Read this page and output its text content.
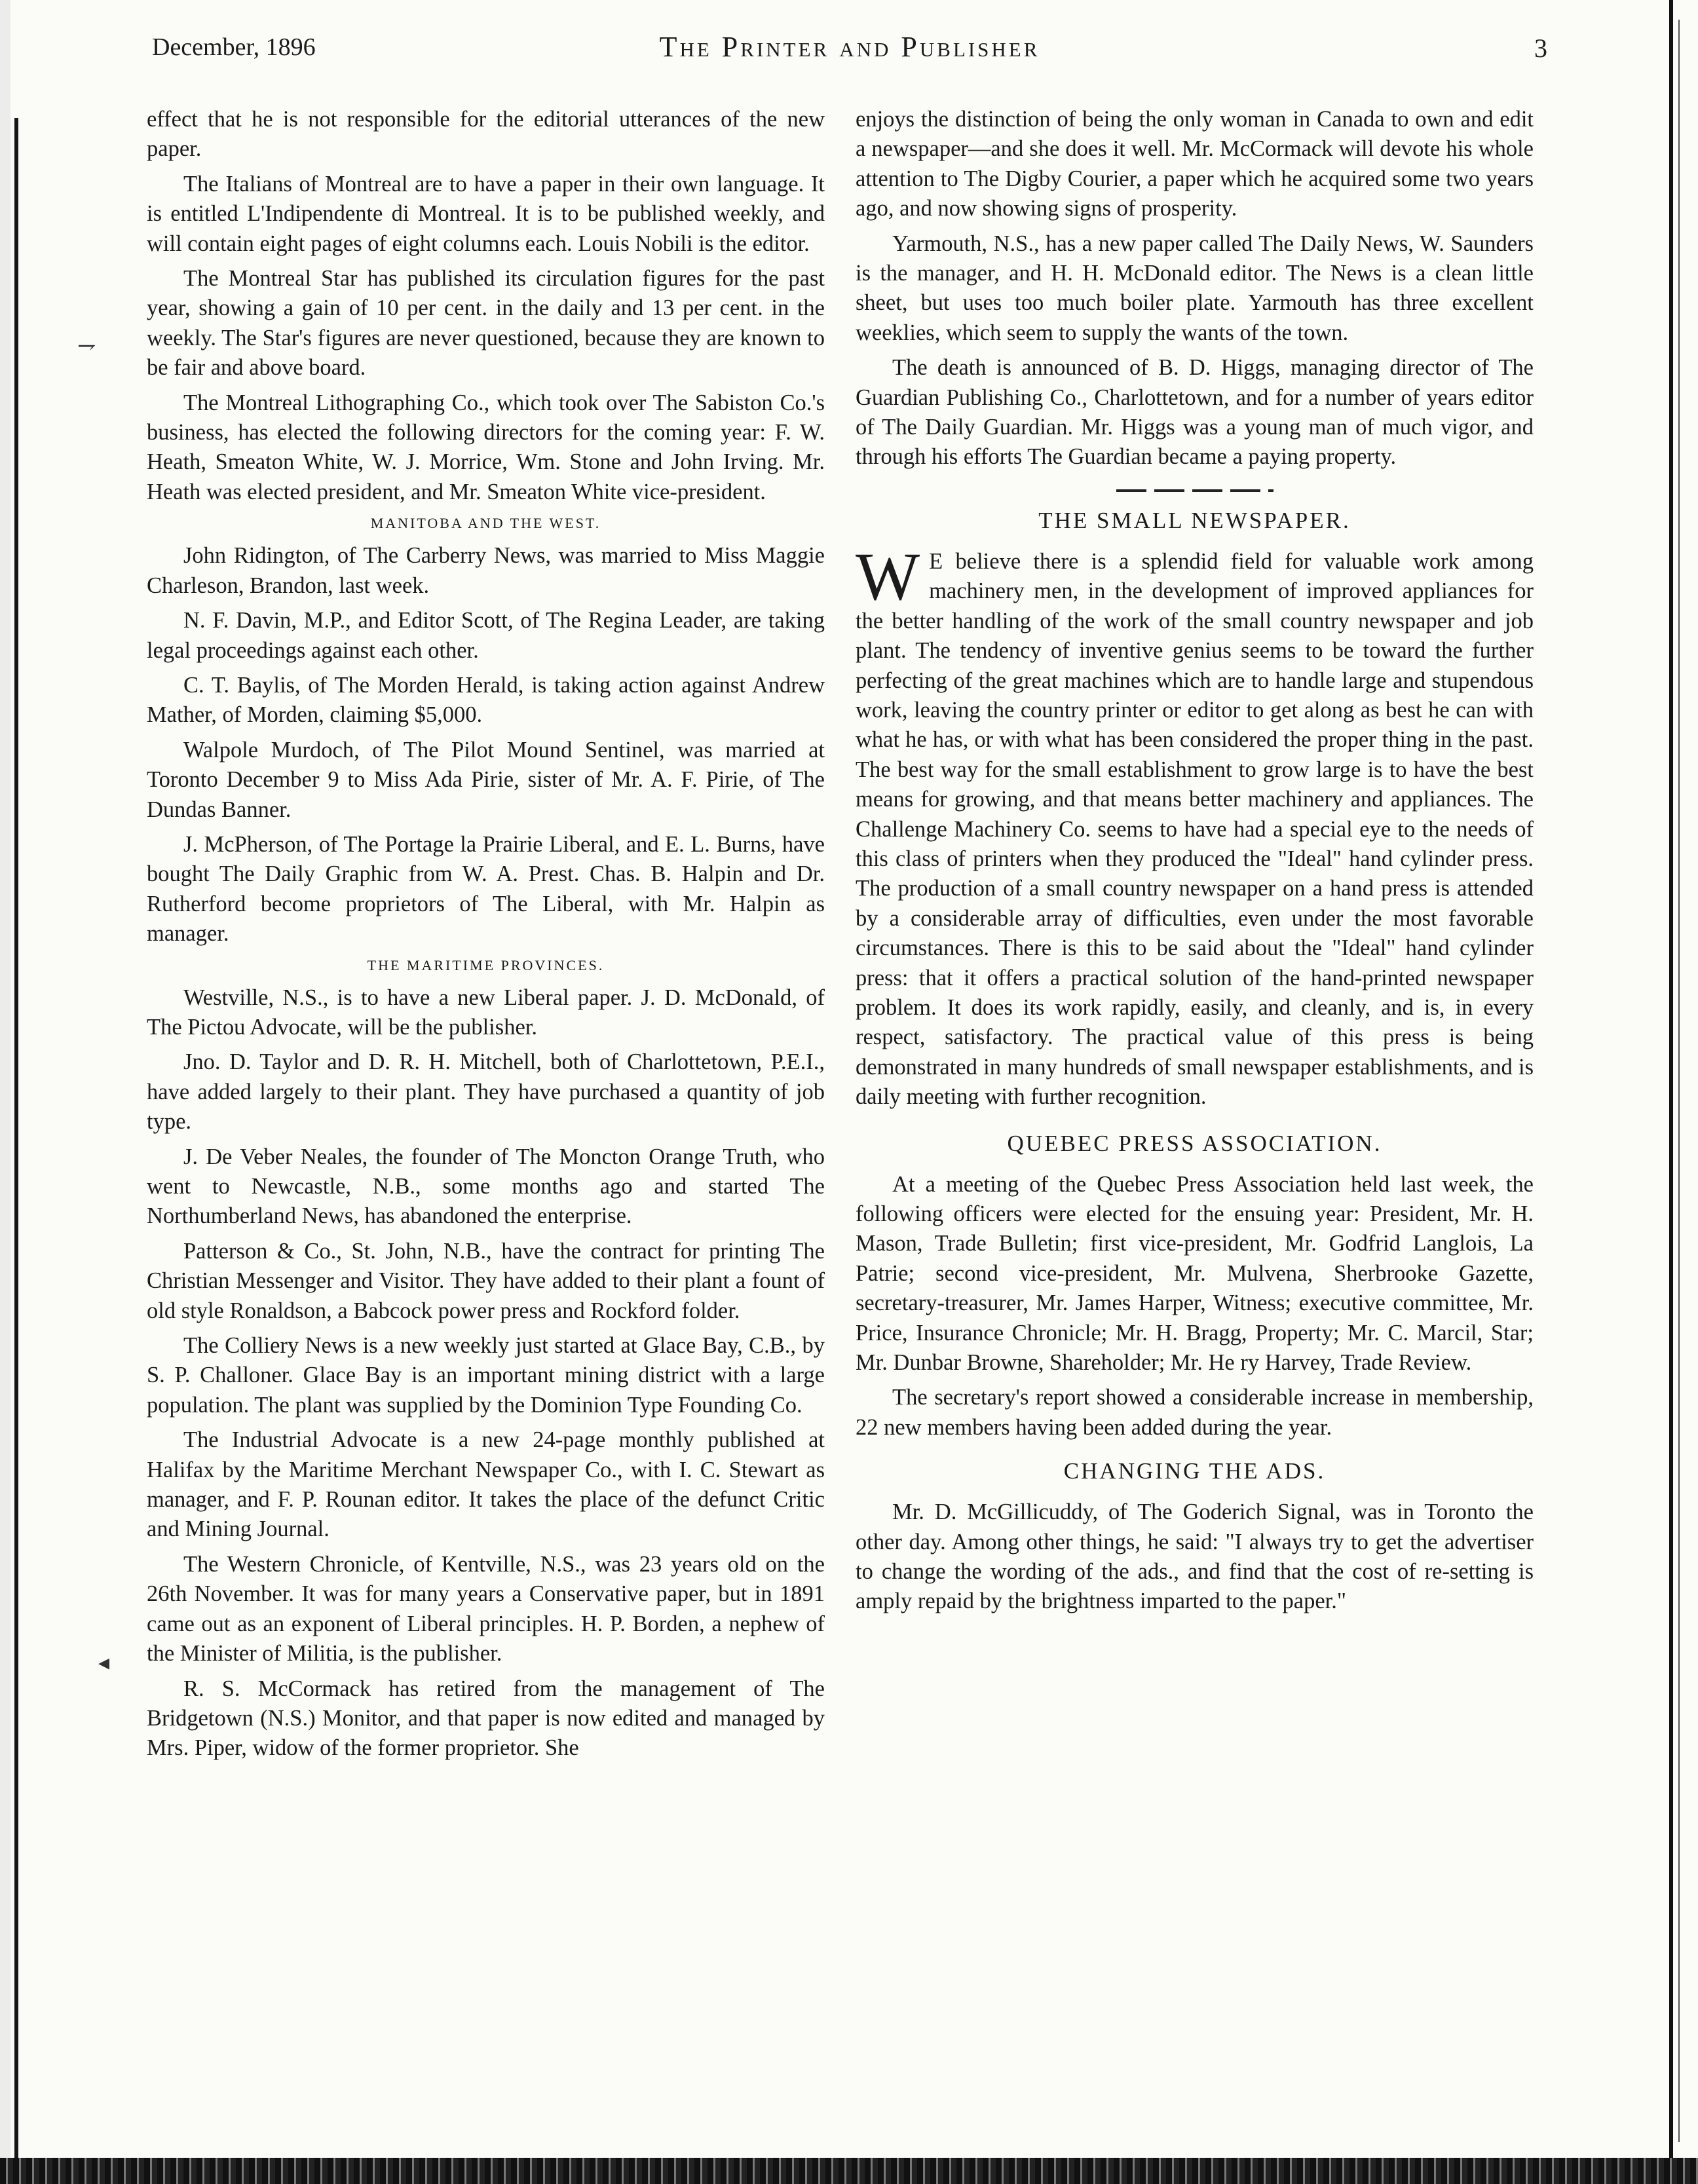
December, 1896	The Printer and Publisher	3
⇁
◂

effect that he is not responsible for the editorial utterances of the new paper.

The Italians of Montreal are to have a paper in their own language. It is entitled L'Indipendente di Montreal. It is to be published weekly, and will contain eight pages of eight columns each. Louis Nobili is the editor.

The Montreal Star has published its circulation figures for the past year, showing a gain of 10 per cent. in the daily and 13 per cent. in the weekly. The Star's figures are never questioned, because they are known to be fair and above board.

The Montreal Lithographing Co., which took over The Sabiston Co.'s business, has elected the following directors for the coming year: F. W. Heath, Smeaton White, W. J. Morrice, Wm. Stone and John Irving. Mr. Heath was elected president, and Mr. Smeaton White vice-president.

MANITOBA AND THE WEST.

John Ridington, of The Carberry News, was married to Miss Maggie Charleson, Brandon, last week.

N. F. Davin, M.P., and Editor Scott, of The Regina Leader, are taking legal proceedings against each other.

C. T. Baylis, of The Morden Herald, is taking action against Andrew Mather, of Morden, claiming $5,000.

Walpole Murdoch, of The Pilot Mound Sentinel, was married at Toronto December 9 to Miss Ada Pirie, sister of Mr. A. F. Pirie, of The Dundas Banner.

J. McPherson, of The Portage la Prairie Liberal, and E. L. Burns, have bought The Daily Graphic from W. A. Prest. Chas. B. Halpin and Dr. Rutherford become proprietors of The Liberal, with Mr. Halpin as manager.

THE MARITIME PROVINCES.

Westville, N.S., is to have a new Liberal paper. J. D. McDonald, of The Pictou Advocate, will be the publisher.

Jno. D. Taylor and D. R. H. Mitchell, both of Charlottetown, P.E.I., have added largely to their plant. They have purchased a quantity of job type.

J. De Veber Neales, the founder of The Moncton Orange Truth, who went to Newcastle, N.B., some months ago and started The Northumberland News, has abandoned the enterprise.

Patterson & Co., St. John, N.B., have the contract for printing The Christian Messenger and Visitor. They have added to their plant a fount of old style Ronaldson, a Babcock power press and Rockford folder.

The Colliery News is a new weekly just started at Glace Bay, C.B., by S. P. Challoner. Glace Bay is an important mining district with a large population. The plant was supplied by the Dominion Type Founding Co.

The Industrial Advocate is a new 24-page monthly published at Halifax by the Maritime Merchant Newspaper Co., with I. C. Stewart as manager, and F. P. Rounan editor. It takes the place of the defunct Critic and Mining Journal.

The Western Chronicle, of Kentville, N.S., was 23 years old on the 26th November. It was for many years a Conservative paper, but in 1891 came out as an exponent of Liberal principles. H. P. Borden, a nephew of the Minister of Militia, is the publisher.

R. S. McCormack has retired from the management of The Bridgetown (N.S.) Monitor, and that paper is now edited and managed by Mrs. Piper, widow of the former proprietor. She

enjoys the distinction of being the only woman in Canada to own and edit a newspaper—and she does it well. Mr. McCormack will devote his whole attention to The Digby Courier, a paper which he acquired some two years ago, and now showing signs of prosperity.

Yarmouth, N.S., has a new paper called The Daily News, W. Saunders is the manager, and H. H. McDonald editor. The News is a clean little sheet, but uses too much boiler plate. Yarmouth has three excellent weeklies, which seem to supply the wants of the town.

The death is announced of B. D. Higgs, managing director of The Guardian Publishing Co., Charlottetown, and for a number of years editor of The Daily Guardian. Mr. Higgs was a young man of much vigor, and through his efforts The Guardian became a paying property.

THE SMALL NEWSPAPER.

W E believe there is a splendid field for valuable work among machinery men, in the development of improved appliances for the better handling of the work of the small country newspaper and job plant. The tendency of inventive genius seems to be toward the further perfecting of the great machines which are to handle large and stupendous work, leaving the country printer or editor to get along as best he can with what he has, or with what has been considered the proper thing in the past. The best way for the small establishment to grow large is to have the best means for growing, and that means better machinery and appliances. The Challenge Machinery Co. seems to have had a special eye to the needs of this class of printers when they produced the "Ideal" hand cylinder press. The production of a small country newspaper on a hand press is attended by a considerable array of difficulties, even under the most favorable circumstances. There is this to be said about the "Ideal" hand cylinder press: that it offers a practical solution of the hand-printed newspaper problem. It does its work rapidly, easily, and cleanly, and is, in every respect, satisfactory. The practical value of this press is being demonstrated in many hundreds of small newspaper establishments, and is daily meeting with further recognition.

QUEBEC PRESS ASSOCIATION.

At a meeting of the Quebec Press Association held last week, the following officers were elected for the ensuing year: President, Mr. H. Mason, Trade Bulletin; first vice-president, Mr. Godfrid Langlois, La Patrie; second vice-president, Mr. Mulvena, Sherbrooke Gazette, secretary-treasurer, Mr. James Harper, Witness; executive committee, Mr. Price, Insurance Chronicle; Mr. H. Bragg, Property; Mr. C. Marcil, Star; Mr. Dunbar Browne, Shareholder; Mr. He ry Harvey, Trade Review.

The secretary's report showed a considerable increase in membership, 22 new members having been added during the year.

CHANGING THE ADS.

Mr. D. McGillicuddy, of The Goderich Signal, was in Toronto the other day. Among other things, he said: "I always try to get the advertiser to change the wording of the ads., and find that the cost of re-setting is amply repaid by the brightness imparted to the paper."
